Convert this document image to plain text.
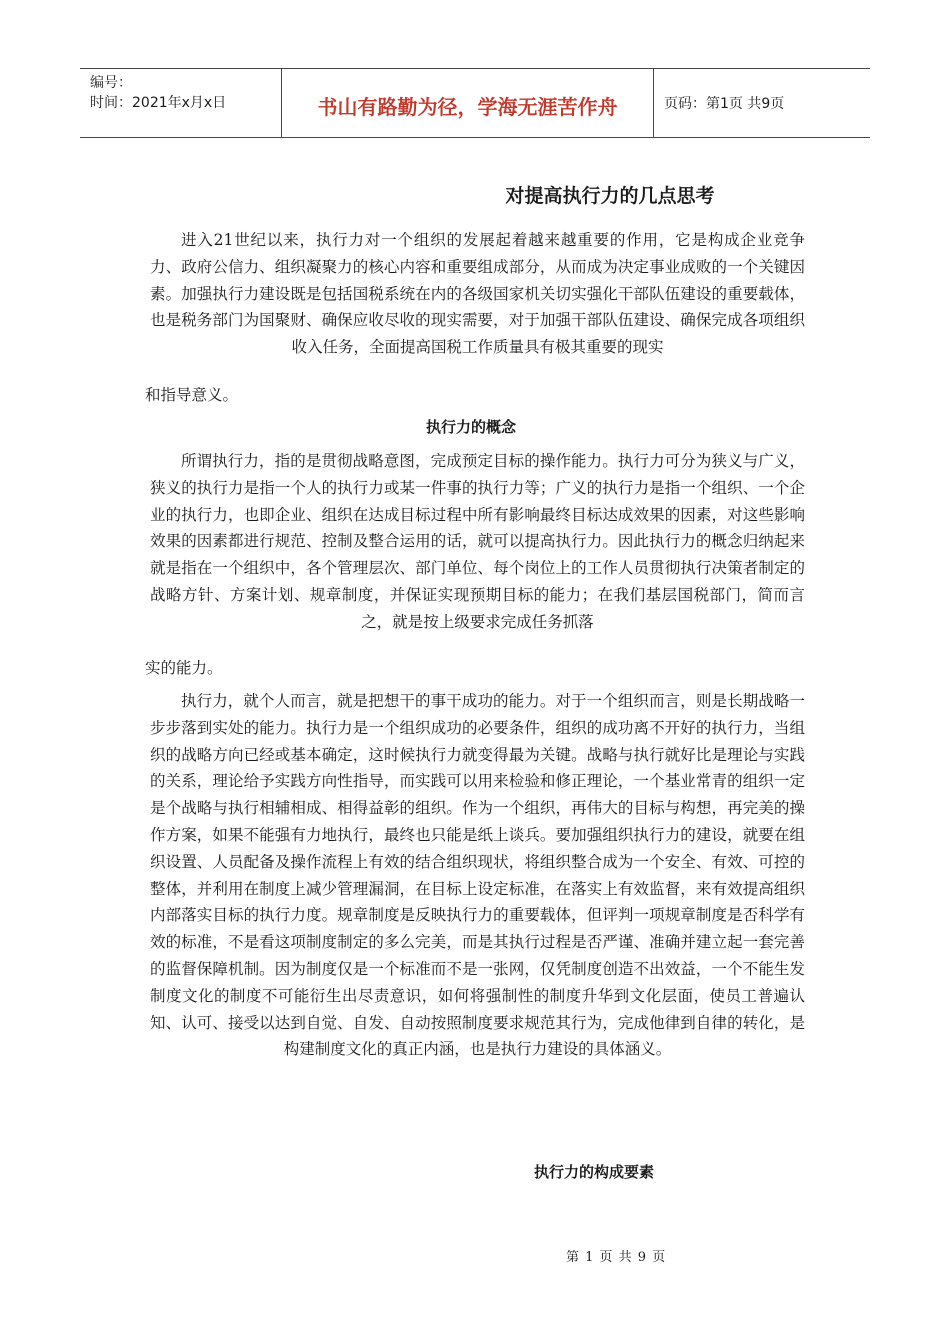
编号：
时间：2021年x月x日	书山有路勤为径，学海无涯苦作舟	页码：第1页 共9页
对提高执行力的几点思考

进入21世纪以来，执行力对一个组织的发展起着越来越重要的作用，它是构成企业竞争力、政府公信力、组织凝聚力的核心内容和重要组成部分，从而成为决定事业成败的一个关键因素。加强执行力建设既是包括国税系统在内的各级国家机关切实强化干部队伍建设的重要载体，也是税务部门为国聚财、确保应收尽收的现实需要，对于加强干部队伍建设、确保完成各项组织收入任务，全面提高国税工作质量具有极其重要的现实

和指导意义。

执行力的概念

所谓执行力，指的是贯彻战略意图，完成预定目标的操作能力。执行力可分为狭义与广义，狭义的执行力是指一个人的执行力或某一件事的执行力等；广义的执行力是指一个组织、一个企业的执行力，也即企业、组织在达成目标过程中所有影响最终目标达成效果的因素，对这些影响效果的因素都进行规范、控制及整合运用的话，就可以提高执行力。因此执行力的概念归纳起来就是指在一个组织中，各个管理层次、部门单位、每个岗位上的工作人员贯彻执行决策者制定的战略方针、方案计划、规章制度，并保证实现预期目标的能力；在我们基层国税部门，简而言之，就是按上级要求完成任务抓落

实的能力。

执行力，就个人而言，就是把想干的事干成功的能力。对于一个组织而言，则是长期战略一步步落到实处的能力。执行力是一个组织成功的必要条件，组织的成功离不开好的执行力，当组织的战略方向已经或基本确定，这时候执行力就变得最为关键。战略与执行就好比是理论与实践的关系，理论给予实践方向性指导，而实践可以用来检验和修正理论，一个基业常青的组织一定是个战略与执行相辅相成、相得益彰的组织。作为一个组织，再伟大的目标与构想，再完美的操作方案，如果不能强有力地执行，最终也只能是纸上谈兵。要加强组织执行力的建设，就要在组织设置、人员配备及操作流程上有效的结合组织现状，将组织整合成为一个安全、有效、可控的整体，并利用在制度上减少管理漏洞，在目标上设定标准，在落实上有效监督，来有效提高组织内部落实目标的执行力度。规章制度是反映执行力的重要载体，但评判一项规章制度是否科学有效的标准，不是看这项制度制定的多么完美，而是其执行过程是否严谨、准确并建立起一套完善的监督保障机制。因为制度仅是一个标准而不是一张网，仅凭制度创造不出效益，一个不能生发制度文化的制度不可能衍生出尽责意识，如何将强制性的制度升华到文化层面，使员工普遍认知、认可、接受以达到自觉、自发、自动按照制度要求规范其行为，完成他律到自律的转化，是构建制度文化的真正内涵，也是执行力建设的具体涵义。

执行力的构成要素
第 1 页 共 9 页
